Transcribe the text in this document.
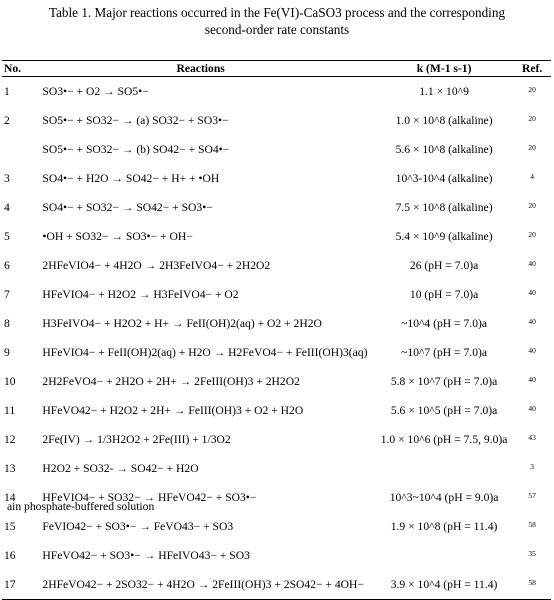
Table 1. Major reactions occurred in the Fe(VI)-CaSO3 process and the corresponding
second-order rate constants
No.	Reactions	k (M-1 s-1)	Ref.
1	SO3•− + O2 → SO5•−	1.1 × 10^9	20
2	SO5•− + SO32− → (a) SO32− + SO3•−	1.0 × 10^8 (alkaline)	20
	SO5•− + SO32− → (b) SO42− + SO4•−	5.6 × 10^8 (alkaline)	20
3	SO4•− + H2O → SO42− + H+ + •OH	10^3-10^4 (alkaline)	4
4	SO4•− + SO32− → SO42− + SO3•−	7.5 × 10^8 (alkaline)	20
5	•OH + SO32− → SO3•− + OH−	5.4 × 10^9 (alkaline)	20
6	2HFeVIO4− + 4H2O → 2H3FeIVO4− + 2H2O2	26 (pH = 7.0)a	40
7	HFeVIO4− + H2O2 → H3FeIVO4− + O2	10 (pH = 7.0)a	40
8	H3FeIVO4− + H2O2 + H+ → FeII(OH)2(aq) + O2 + 2H2O	~10^4 (pH = 7.0)a	40
9	HFeVIO4− + FeII(OH)2(aq) + H2O → H2FeVO4− + FeIII(OH)3(aq)	~10^7 (pH = 7.0)a	40
10	2H2FeVO4− + 2H2O + 2H+ → 2FeIII(OH)3 + 2H2O2	5.8 × 10^7 (pH = 7.0)a	40
11	HFeVO42− + H2O2 + 2H+ → FeIII(OH)3 + O2 + H2O	5.6 × 10^5 (pH = 7.0)a	40
12	2Fe(IV) → 1/3H2O2 + 2Fe(III) + 1/3O2	1.0 × 10^6 (pH = 7.5, 9.0)a	43
13	H2O2 + SO32- → SO42− + H2O		3
14	HFeVIO4− + SO32− → HFeVO42− + SO3•−	10^3~10^4 (pH = 9.0)a	57
15	FeVIO42− + SO3•− → FeVO43− + SO3	1.9 × 10^8 (pH = 11.4)	58
16	HFeVO42− + SO3•− → HFeIVO43− + SO3		35
17	2HFeVO42− + 2SO32− + 4H2O → 2FeIII(OH)3 + 2SO42− + 4OH−	3.9 × 10^4 (pH = 11.4)	58
ain phosphate-buffered solution
